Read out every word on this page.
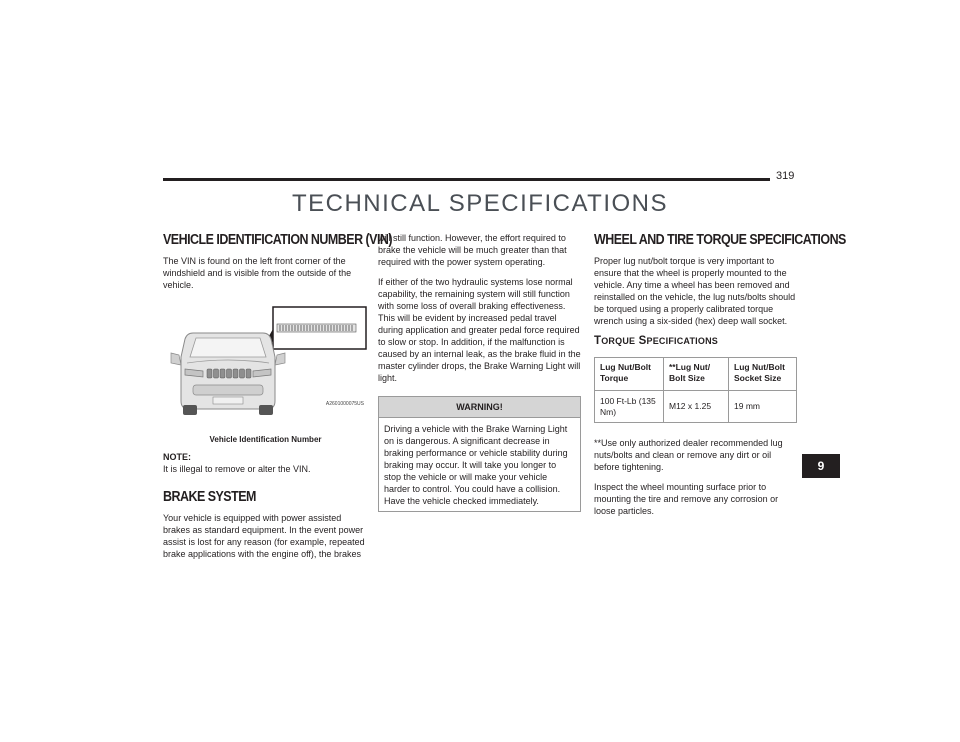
319
TECHNICAL SPECIFICATIONS
VEHICLE IDENTIFICATION NUMBER (VIN)

The VIN is found on the left front corner of the windshield and is visible from the outside of the vehicle.

A2601000075US
Vehicle Identification Number
NOTE:

It is illegal to remove or alter the VIN.

BRAKE SYSTEM

Your vehicle is equipped with power assisted brakes as standard equipment. In the event power assist is lost for any reason (for example, repeated brake applications with the engine off), the brakes

will still function. However, the effort required to brake the vehicle will be much greater than that required with the power system operating.

If either of the two hydraulic systems lose normal capability, the remaining system will still function with some loss of overall braking effectiveness. This will be evident by increased pedal travel during application and greater pedal force required to slow or stop. In addition, if the malfunction is caused by an internal leak, as the brake fluid in the master cylinder drops, the Brake Warning Light will light.

WARNING!
Driving a vehicle with the Brake Warning Light on is dangerous. A significant decrease in braking performance or vehicle stability during braking may occur. It will take you longer to stop the vehicle or will make your vehicle harder to control. You could have a collision. Have the vehicle checked immediately.
WHEEL AND TIRE TORQUE SPECIFICATIONS

Proper lug nut/bolt torque is very important to ensure that the wheel is properly mounted to the vehicle. Any time a wheel has been removed and reinstalled on the vehicle, the lug nuts/bolts should be torqued using a properly calibrated torque wrench using a six-sided (hex) deep wall socket.

TORQUE SPECIFICATIONS
Lug Nut/Bolt Torque	**Lug Nut/ Bolt Size	Lug Nut/Bolt Socket Size
100 Ft-Lb (135 Nm)	M12 x 1.25	19 mm

**Use only authorized dealer recommended lug nuts/bolts and clean or remove any dirt or oil before tightening.

Inspect the wheel mounting surface prior to mounting the tire and remove any corrosion or loose particles.

9
